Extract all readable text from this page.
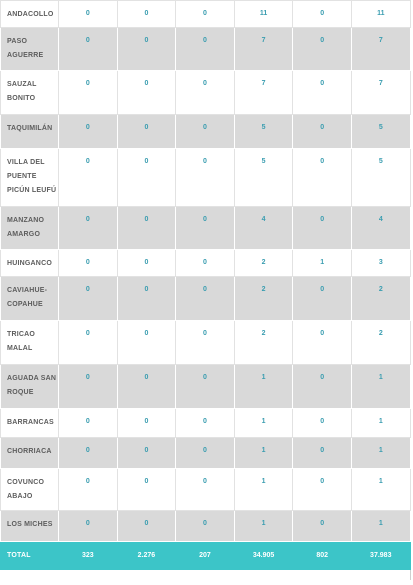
ANDACOLLO	0	0	0	11	0	11
PASO AGUERRE	0	0	0	7	0	7
SAUZAL BONITO	0	0	0	7	0	7
TAQUIMILÁN	0	0	0	5	0	5
VILLA DEL PUENTE PICÚN LEUFÚ	0	0	0	5	0	5
MANZANO AMARGO	0	0	0	4	0	4
HUINGANCO	0	0	0	2	1	3
CAVIAHUE-COPAHUE	0	0	0	2	0	2
TRICAO MALAL	0	0	0	2	0	2
AGUADA SAN ROQUE	0	0	0	1	0	1
BARRANCAS	0	0	0	1	0	1
CHORRIACA	0	0	0	1	0	1
COVUNCO ABAJO	0	0	0	1	0	1
LOS MICHES	0	0	0	1	0	1
TOTAL	323	2.276	207	34.905	802	37.983
